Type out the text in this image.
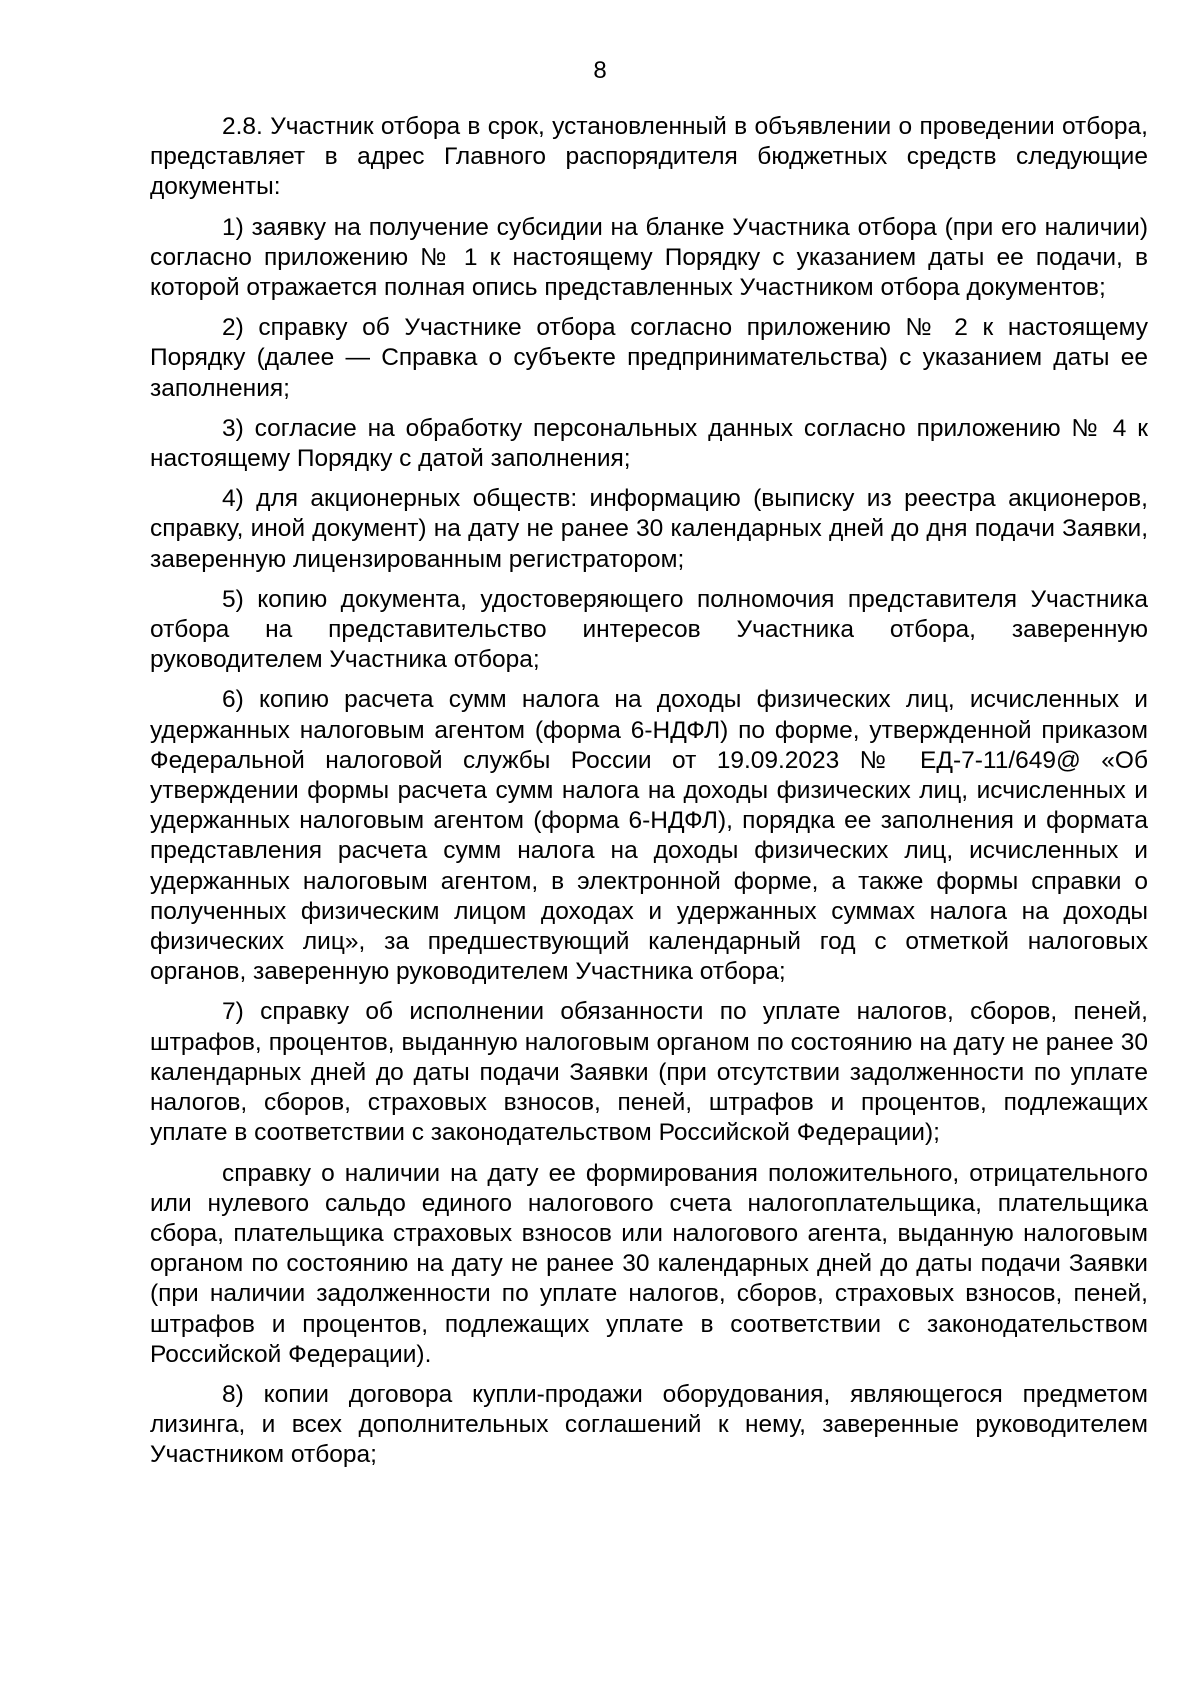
8

2.8. Участник отбора в срок, установленный в объявлении о проведении отбора, представляет в адрес Главного распорядителя бюджетных средств следующие документы:

1) заявку на получение субсидии на бланке Участника отбора (при его наличии) согласно приложению № 1 к настоящему Порядку с указанием даты ее подачи, в которой отражается полная опись представленных Участником отбора документов;

2) справку об Участнике отбора согласно приложению № 2 к настоящему Порядку (далее — Справка о субъекте предпринимательства) с указанием даты ее заполнения;

3) согласие на обработку персональных данных согласно приложению № 4 к настоящему Порядку с датой заполнения;

4) для акционерных обществ: информацию (выписку из реестра акционеров, справку, иной документ) на дату не ранее 30 календарных дней до дня подачи Заявки, заверенную лицензированным регистратором;

5) копию документа, удостоверяющего полномочия представителя Участника отбора на представительство интересов Участника отбора, заверенную руководителем Участника отбора;

6) копию расчета сумм налога на доходы физических лиц, исчисленных и удержанных налоговым агентом (форма 6-НДФЛ) по форме, утвержденной приказом Федеральной налоговой службы России от 19.09.2023 № ЕД-7-11/649@ «Об утверждении формы расчета сумм налога на доходы физических лиц, исчисленных и удержанных налоговым агентом (форма 6-НДФЛ), порядка ее заполнения и формата представления расчета сумм налога на доходы физических лиц, исчисленных и удержанных налоговым агентом, в электронной форме, а также формы справки о полученных физическим лицом доходах и удержанных суммах налога на доходы физических лиц», за предшествующий календарный год с отметкой налоговых органов, заверенную руководителем Участника отбора;

7) справку об исполнении обязанности по уплате налогов, сборов, пеней, штрафов, процентов, выданную налоговым органом по состоянию на дату не ранее 30 календарных дней до даты подачи Заявки (при отсутствии задолженности по уплате налогов, сборов, страховых взносов, пеней, штрафов и процентов, подлежащих уплате в соответствии с законодательством Российской Федерации);

справку о наличии на дату ее формирования положительного, отрицательного или нулевого сальдо единого налогового счета налогоплательщика, плательщика сбора, плательщика страховых взносов или налогового агента, выданную налоговым органом по состоянию на дату не ранее 30 календарных дней до даты подачи Заявки (при наличии задолженности по уплате налогов, сборов, страховых взносов, пеней, штрафов и процентов, подлежащих уплате в соответствии с законодательством Российской Федерации).

8) копии договора купли-продажи оборудования, являющегося предметом лизинга, и всех дополнительных соглашений к нему, заверенные руководителем Участником отбора;
